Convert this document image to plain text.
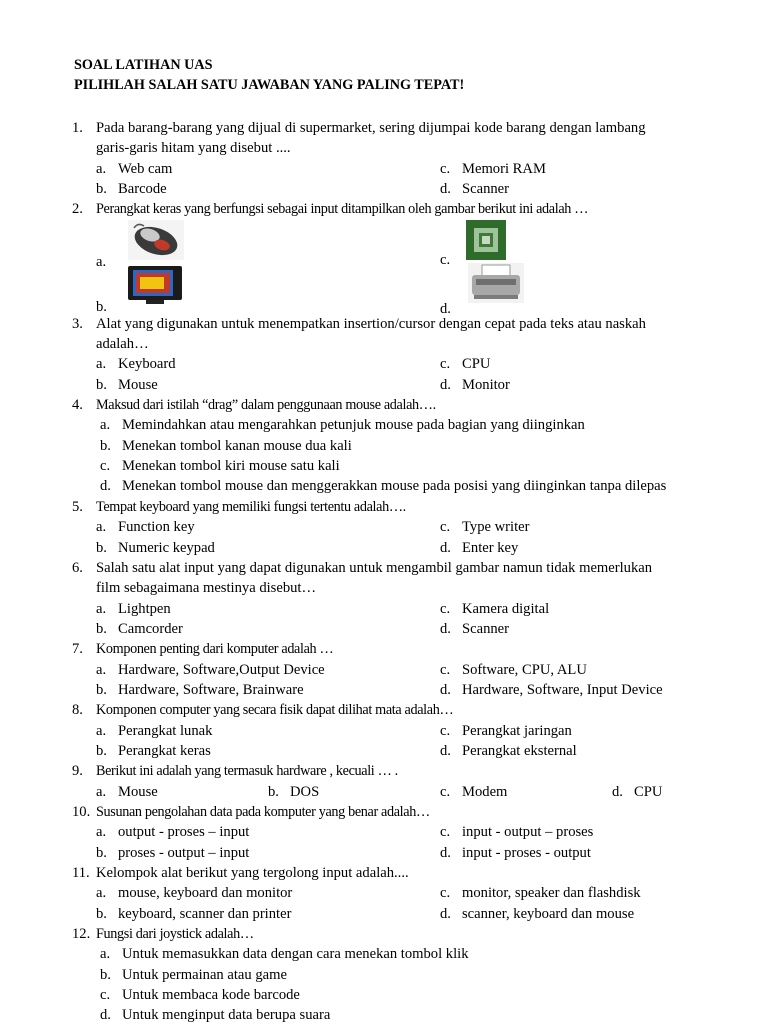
SOAL LATIHAN UAS
PILIHLAH SALAH SATU JAWABAN YANG PALING TEPAT!
1. Pada barang-barang yang dijual di supermarket, sering dijumpai kode barang dengan lambang
garis-garis hitam yang disebut ....
a. Web cam	c. Memori RAM
b. Barcode	d. Scanner
2. Perangkat keras yang berfungsi sebagai input ditampilkan oleh gambar berikut ini adalah …
a.	c.
b.	d.
3. Alat yang digunakan untuk menempatkan insertion/cursor dengan cepat pada teks atau naskah
adalah…
a. Keyboard	c. CPU
b. Mouse	d. Monitor
4. Maksud dari istilah “drag” dalam penggunaan mouse adalah….
a. Memindahkan atau mengarahkan petunjuk mouse pada bagian yang diinginkan
b. Menekan tombol kanan mouse dua kali
c. Menekan tombol kiri mouse satu kali
d. Menekan tombol mouse dan menggerakkan mouse pada posisi yang diinginkan tanpa dilepas
5. Tempat keyboard yang memiliki fungsi tertentu adalah….
a. Function key	c. Type writer
b. Numeric keypad	d. Enter key
6. Salah satu alat input yang dapat digunakan untuk mengambil gambar namun tidak memerlukan
film sebagaimana mestinya disebut…
a. Lightpen	c. Kamera digital
b. Camcorder	d. Scanner
7. Komponen penting dari komputer adalah …
a. Hardware, Software,Output Device	c. Software, CPU, ALU
b. Hardware, Software, Brainware	d. Hardware, Software, Input Device
8. Komponen computer yang secara fisik dapat dilihat mata adalah…
a. Perangkat lunak	c. Perangkat jaringan
b. Perangkat keras	d. Perangkat eksternal
9. Berikut ini adalah yang termasuk hardware , kecuali … .
a. Mouse	b. DOS	c. Modem	d. CPU
10. Susunan pengolahan data pada komputer yang benar adalah…
a. output - proses – input	c. input - output – proses
b. proses - output – input	d. input - proses - output
11. Kelompok alat berikut yang tergolong input adalah....
a. mouse, keyboard dan monitor	c. monitor, speaker dan flashdisk
b. keyboard, scanner dan printer	d. scanner, keyboard dan mouse
12. Fungsi dari joystick adalah…
a. Untuk memasukkan data dengan cara menekan tombol klik
b. Untuk permainan atau game
c. Untuk membaca kode barcode
d. Untuk menginput data berupa suara
